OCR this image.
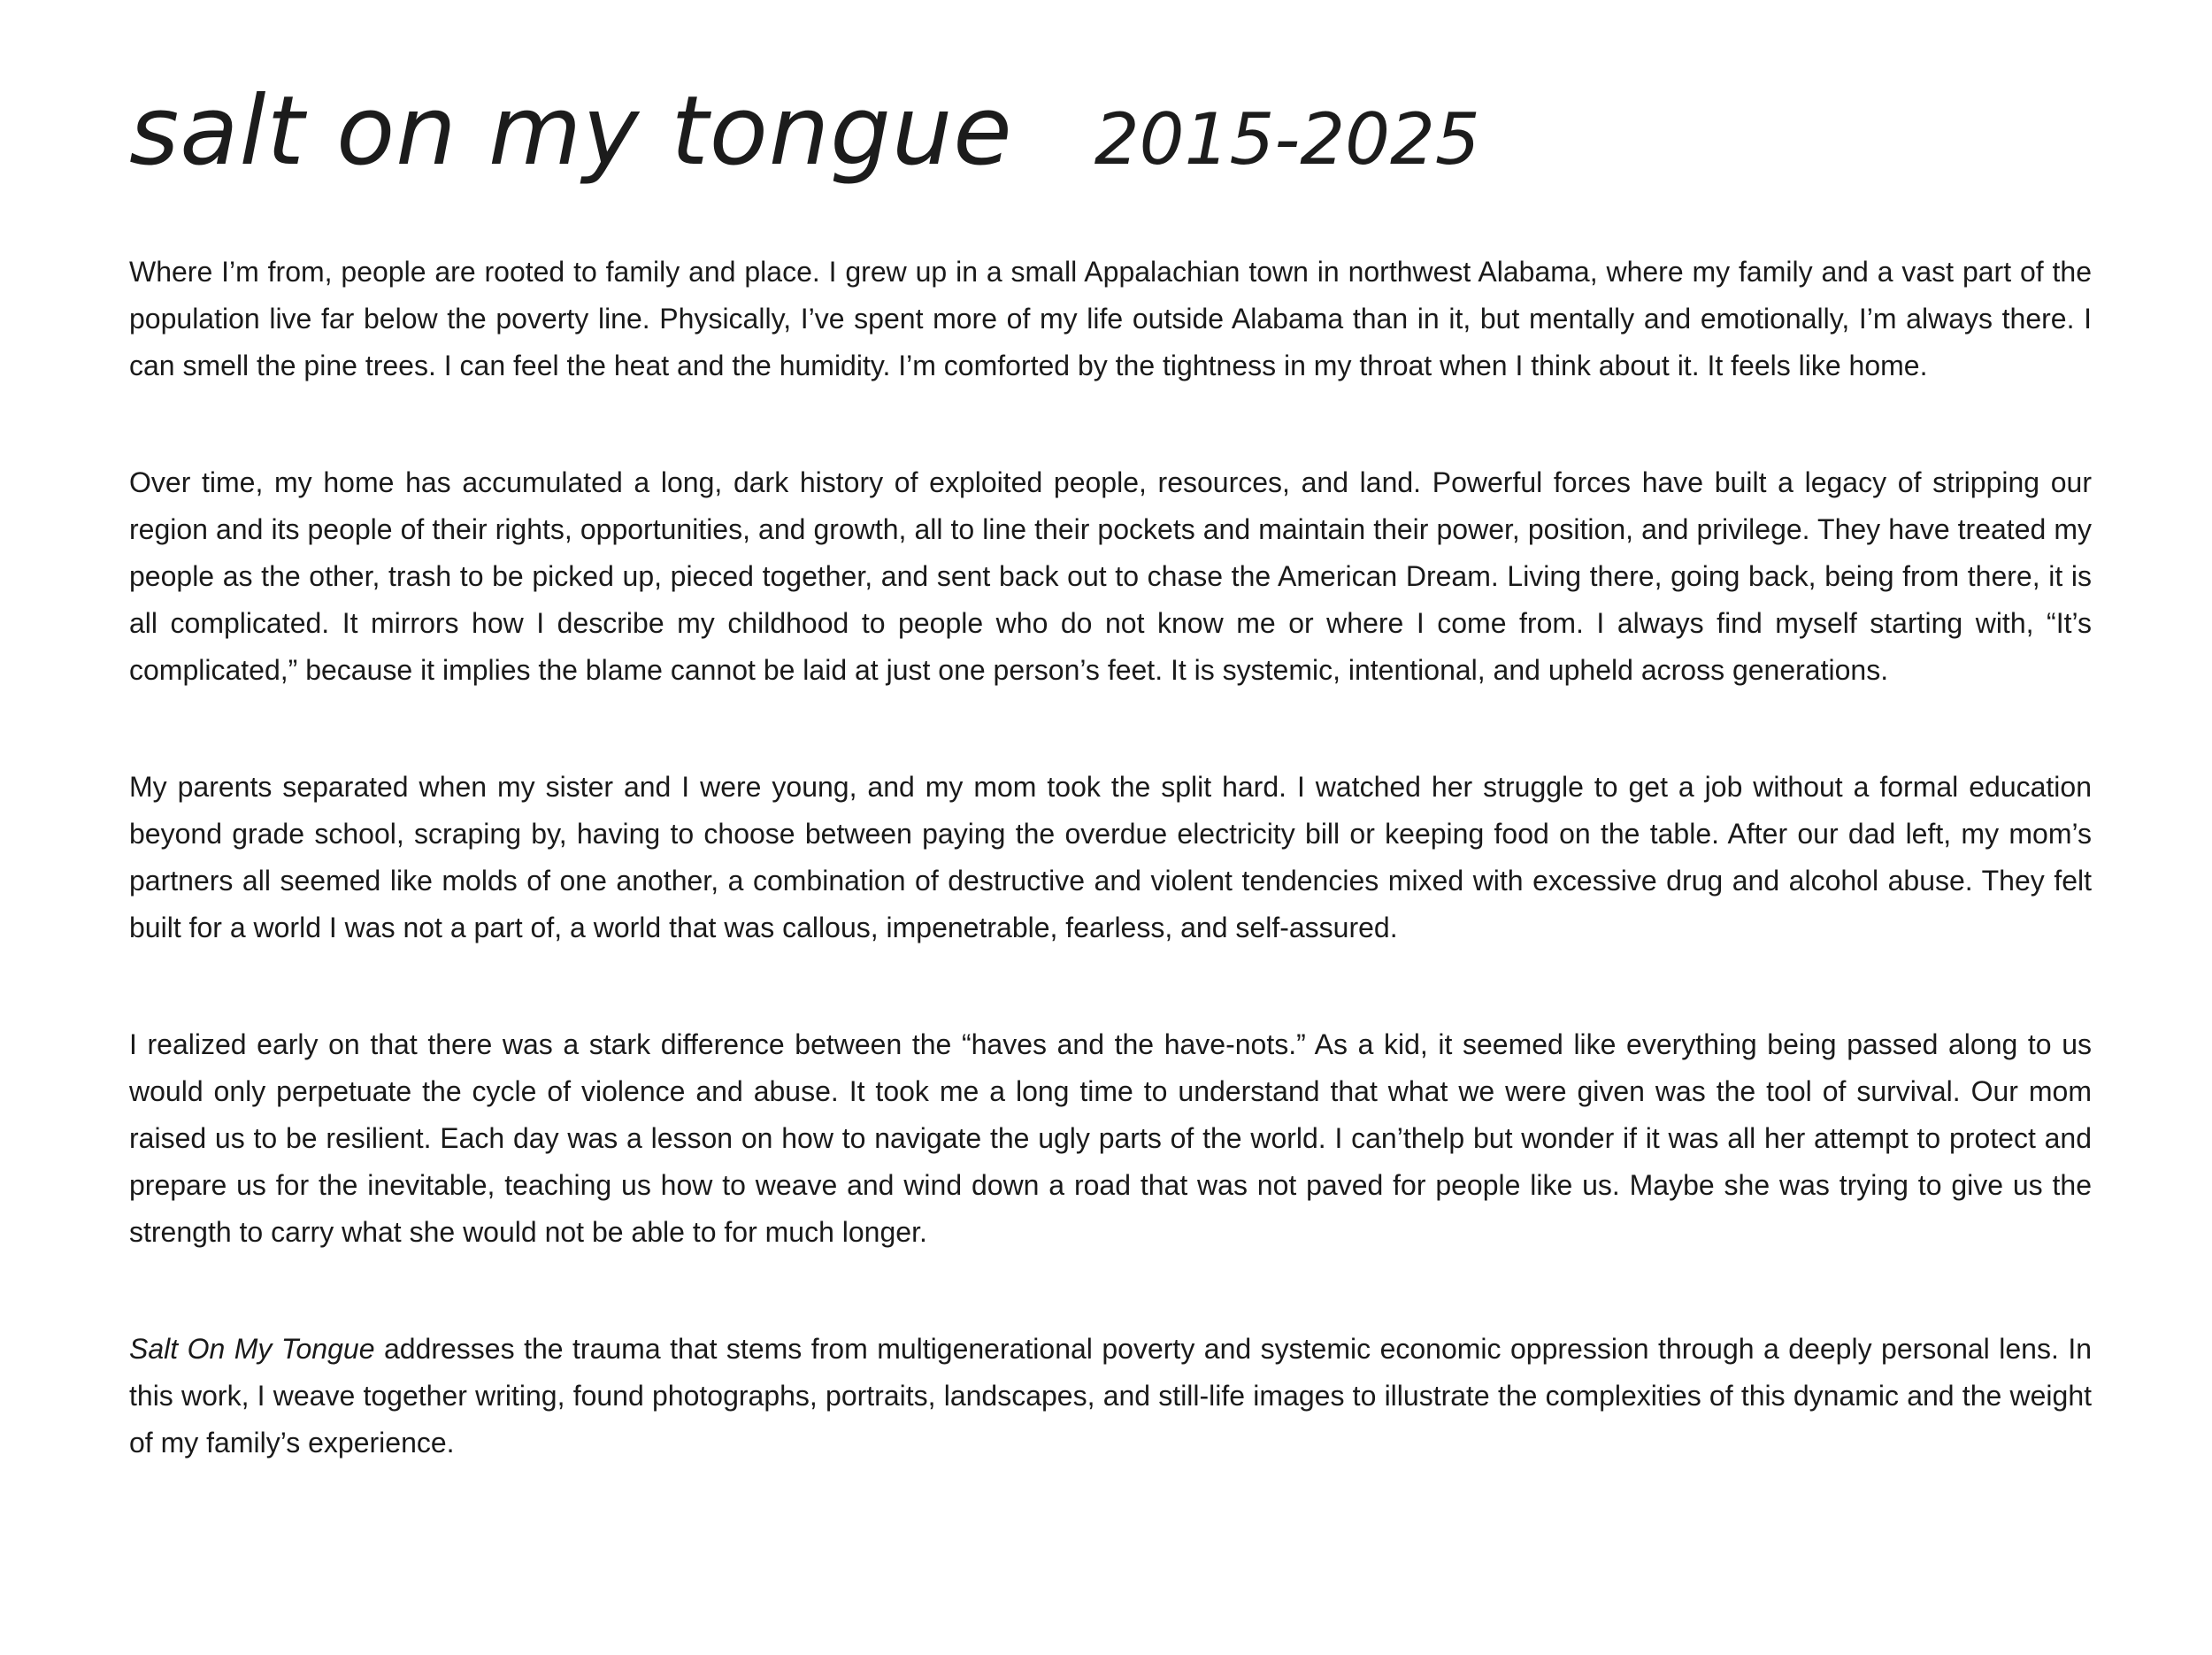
salt on my tongue 2015-2025

Where I’m from, people are rooted to family and place. I grew up in a small Appalachian town in northwest Alabama, where my family and a vast part of the population live far below the poverty line. Physically, I’ve spent more of my life outside Alabama than in it, but mentally and emotionally, I’m always there. I can smell the pine trees. I can feel the heat and the humidity. I’m comforted by the tightness in my throat when I think about it. It feels like home.

Over time, my home has accumulated a long, dark history of exploited people, resources, and land. Powerful forces have built a legacy of stripping our region and its people of their rights, opportunities, and growth, all to line their pockets and maintain their power, position, and privilege. They have treated my people as the other, trash to be picked up, pieced together, and sent back out to chase the American Dream. Living there, going back, being from there, it is all complicated. It mirrors how I describe my childhood to people who do not know me or where I come from. I always find myself starting with, “It’s complicated,” because it implies the blame cannot be laid at just one person’s feet. It is systemic, intentional, and upheld across generations.

My parents separated when my sister and I were young, and my mom took the split hard. I watched her struggle to get a job without a formal education beyond grade school, scraping by, having to choose between paying the overdue electricity bill or keeping food on the table. After our dad left, my mom’s partners all seemed like molds of one another, a combination of destructive and violent tendencies mixed with excessive drug and alcohol abuse. They felt built for a world I was not a part of, a world that was callous, impenetrable, fearless, and self-assured.

I realized early on that there was a stark difference between the “haves and the have-nots.” As a kid, it seemed like everything being passed along to us would only perpetuate the cycle of violence and abuse. It took me a long time to understand that what we were given was the tool of survival. Our mom raised us to be resilient. Each day was a lesson on how to navigate the ugly parts of the world. I can’thelp but wonder if it was all her attempt to protect and prepare us for the inevitable, teaching us how to weave and wind down a road that was not paved for people like us. Maybe she was trying to give us the strength to carry what she would not be able to for much longer.

Salt On My Tongue addresses the trauma that stems from multigenerational poverty and systemic economic oppression through a deeply personal lens. In this work, I weave together writing, found photographs, portraits, landscapes, and still-life images to illustrate the complexities of this dynamic and the weight of my family’s experience.
